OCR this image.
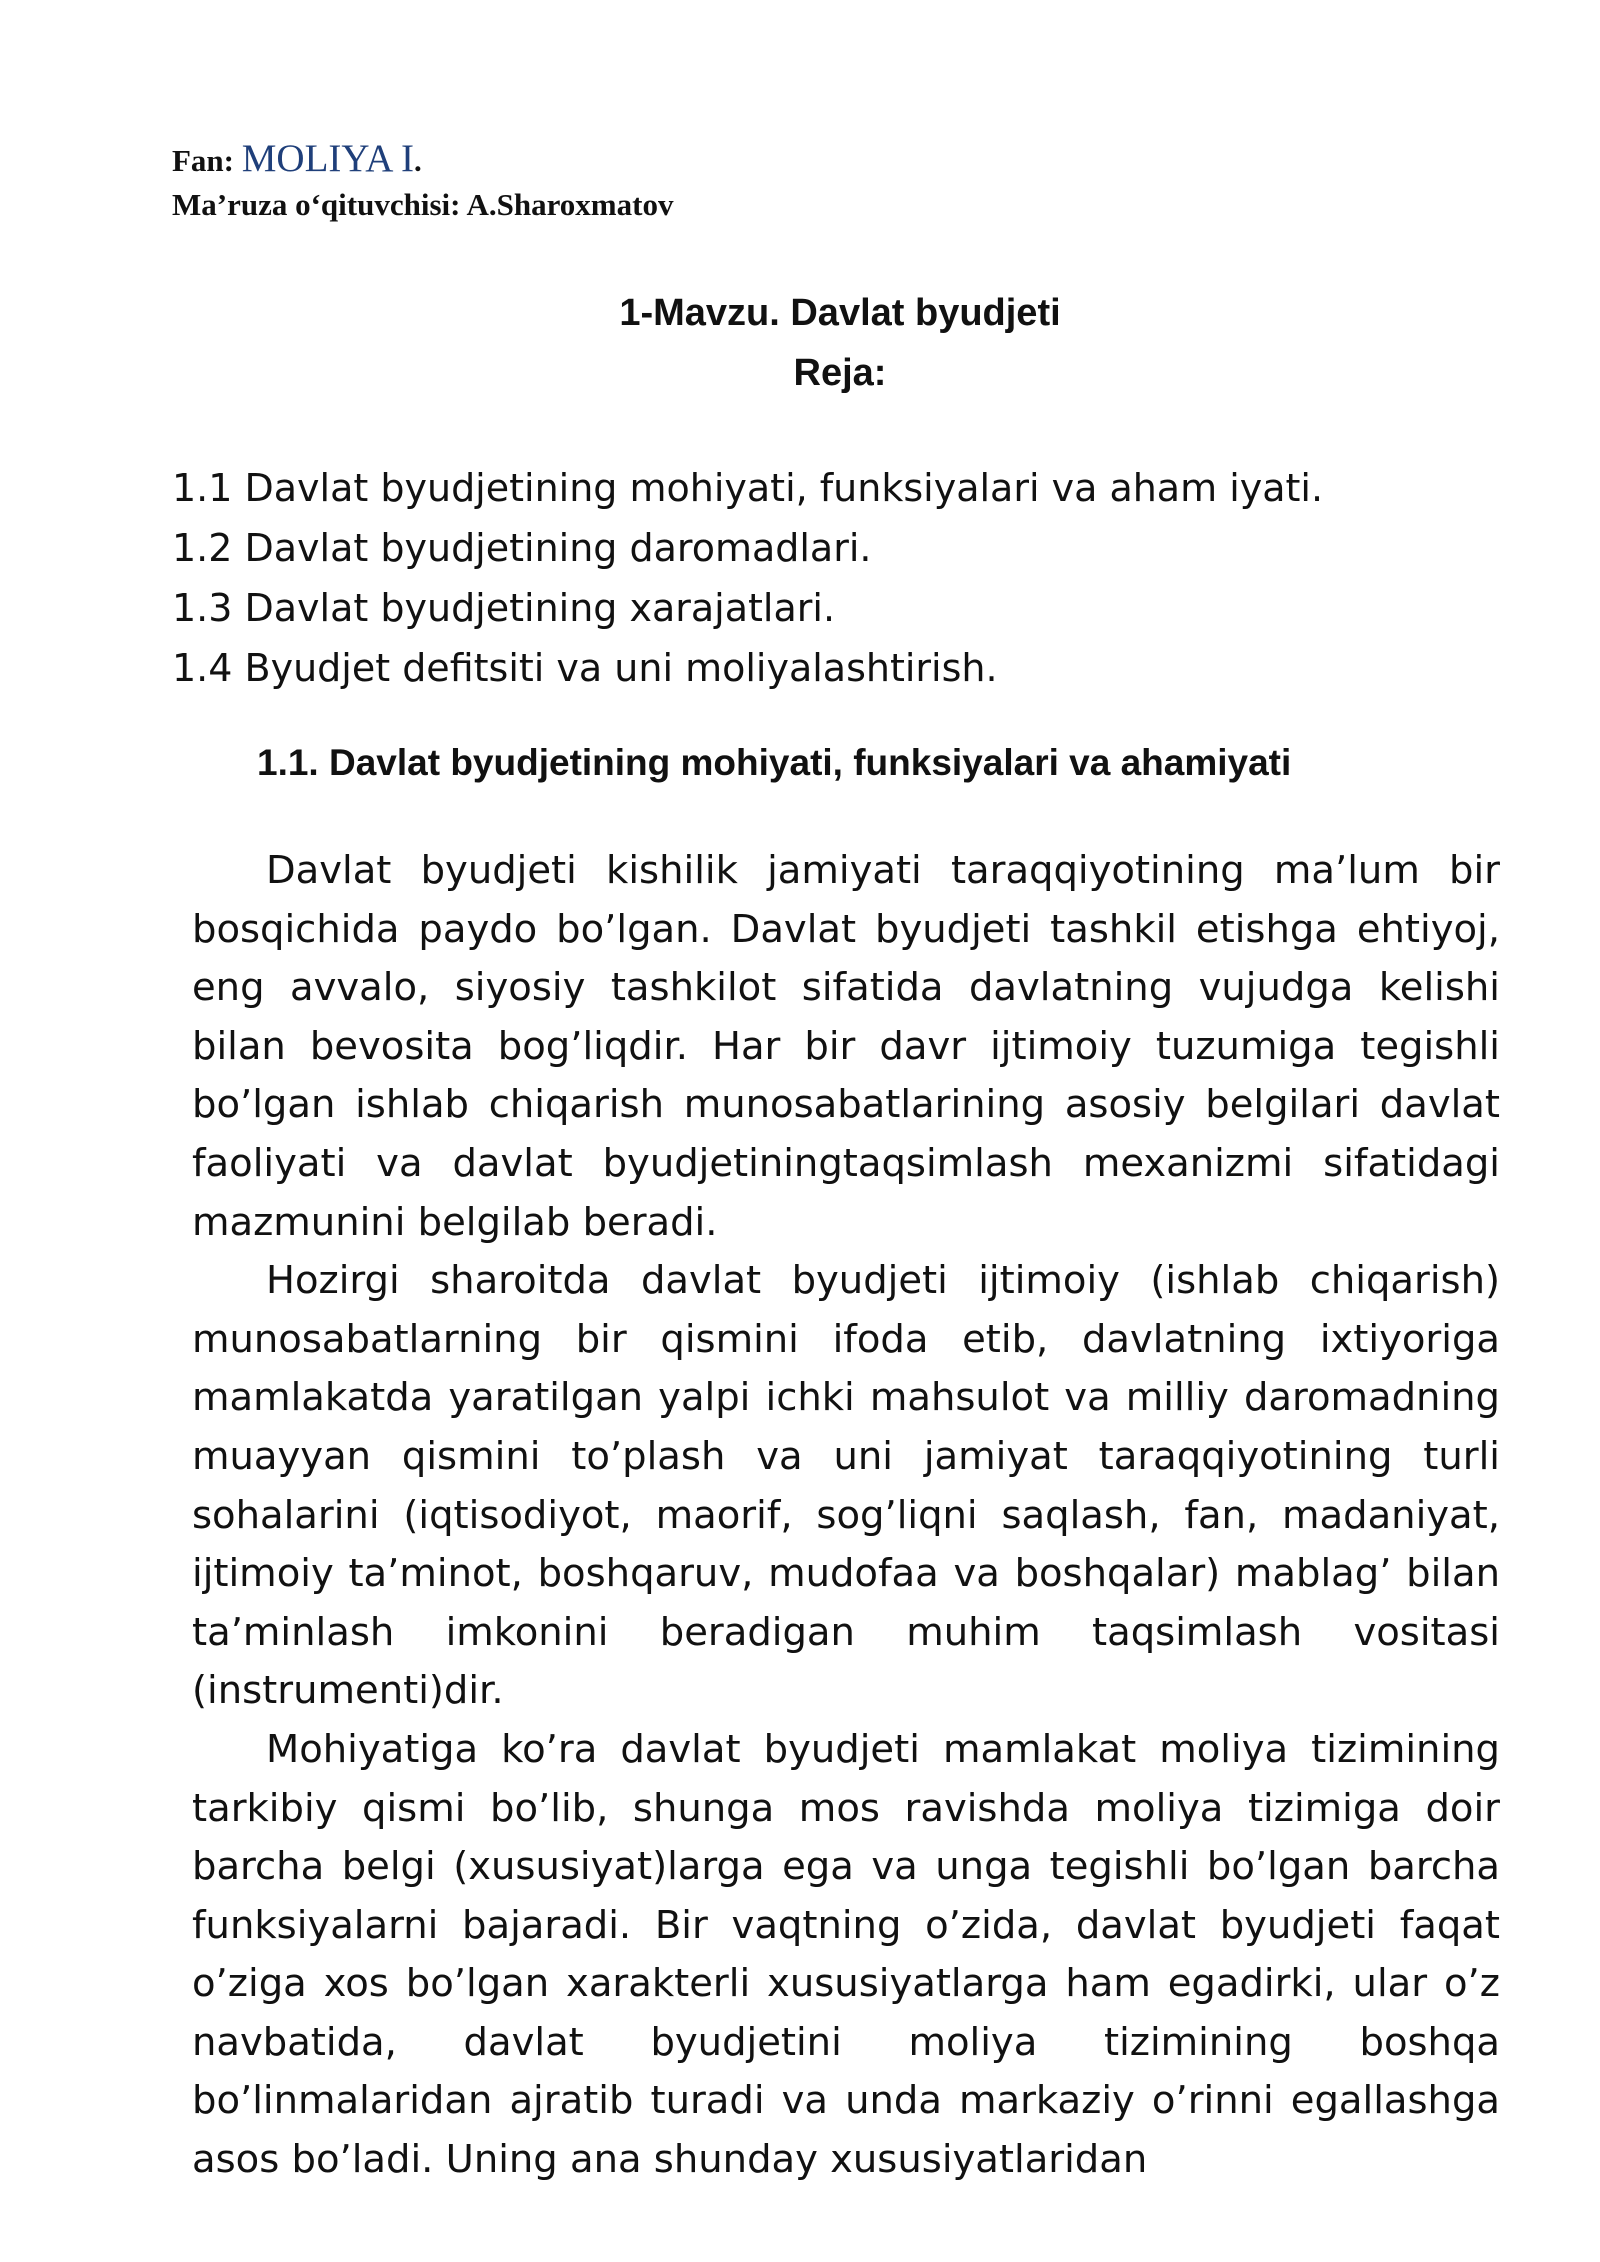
Fan: MOLIYA I.
Ma’ruza o‘qituvchisi: A.Sharoxmatov
1-Mavzu. Davlat byudjeti
Reja:
1.1 Davlat byudjetining mohiyati, funksiyalari va aham iyati.
1.2 Davlat byudjetining daromadlari.
1.3 Davlat byudjetining xarajatlari.
1.4 Byudjet defitsiti va uni moliyalashtirish.
1.1. Davlat byudjetining mohiyati, funksiyalari va ahamiyati

Davlat byudjeti kishilik jamiyati taraqqiyotining ma’lum bir bosqichida paydo bo’lgan. Davlat byudjeti tashkil etishga ehtiyoj, eng avvalo, siyosiy tashkilot sifatida davlatning vujudga kelishi bilan bevosita bog’liqdir. Har bir davr ijtimoiy tuzumiga tegishli bo’lgan ishlab chiqarish munosabatlarining asosiy belgilari davlat faoliyati va davlat byudjetiningtaqsimlash mexanizmi sifatidagi mazmunini belgilab beradi.

Hozirgi sharoitda davlat byudjeti ijtimoiy (ishlab chiqarish) munosabatlarning bir qismini ifoda etib, davlatning ixtiyoriga mamlakatda yaratilgan yalpi ichki mahsulot va milliy daromadning muayyan qismini to’plash va uni jamiyat taraqqiyotining turli sohalarini (iqtisodiyot, maorif, sog’liqni saqlash, fan, madaniyat, ijtimoiy ta’minot, boshqaruv, mudofaa va boshqalar) mablag’ bilan ta’minlash imkonini beradigan muhim taqsimlash vositasi (instrumenti)dir.

Mohiyatiga ko’ra davlat byudjeti mamlakat moliya tizimining tarkibiy qismi bo’lib, shunga mos ravishda moliya tizimiga doir barcha belgi (xususiyat)larga ega va unga tegishli bo’lgan barcha funksiyalarni bajaradi. Bir vaqtning o’zida, davlat byudjeti faqat o’ziga xos bo’lgan xarakterli xususiyatlarga ham egadirki, ular o’z navbatida, davlat byudjetini moliya tizimining boshqa bo’linmalaridan ajratib turadi va unda markaziy o’rinni egallashga asos bo’ladi. Uning ana shunday xususiyatlaridan
